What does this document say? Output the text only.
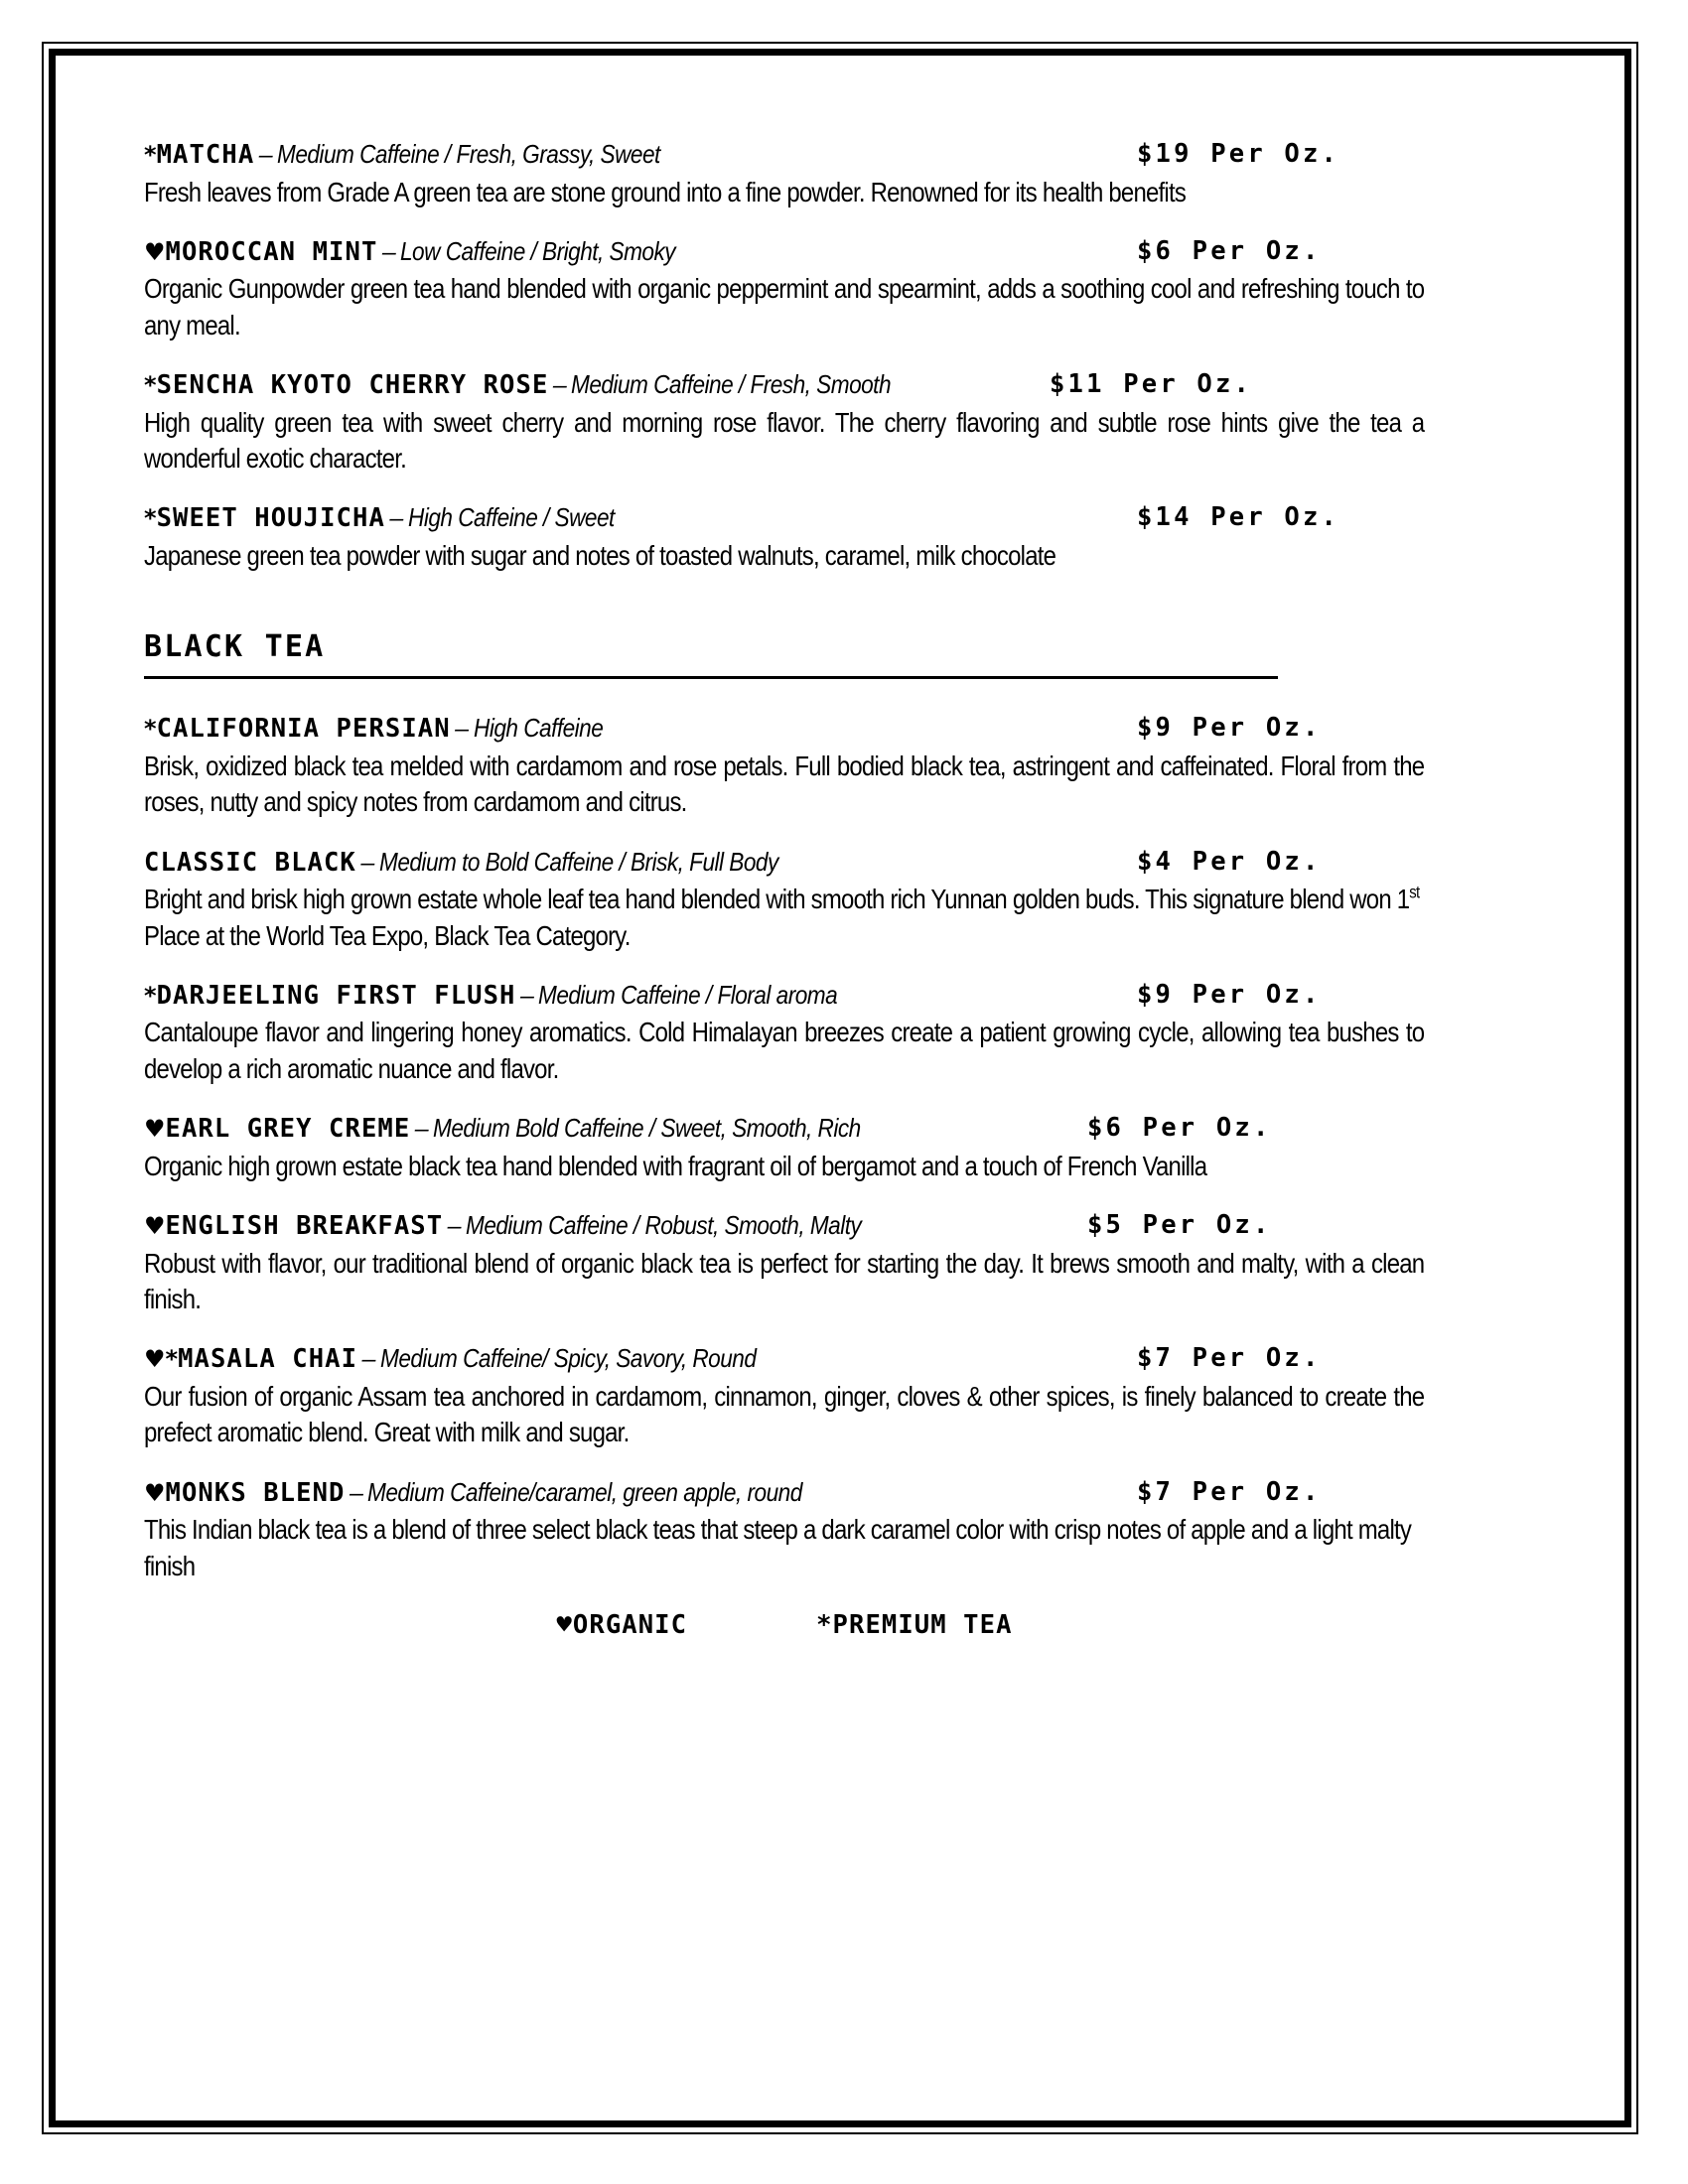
*MATCHA – Medium Caffeine / Fresh, Grassy, Sweet	$19 Per Oz.
Fresh leaves from Grade A green tea are stone ground into a fine powder. Renowned for its health benefits
♥MOROCCAN MINT – Low Caffeine / Bright, Smoky	$6 Per Oz.
Organic Gunpowder green tea hand blended with organic peppermint and spearmint, adds a soothing cool and refreshing touch to any meal.
*SENCHA KYOTO CHERRY ROSE – Medium Caffeine / Fresh, Smooth	$11 Per Oz.
High quality green tea with sweet cherry and morning rose flavor. The cherry flavoring and subtle rose hints give the tea a wonderful exotic character.
*SWEET HOUJICHA – High Caffeine / Sweet	$14 Per Oz.
Japanese green tea powder with sugar and notes of toasted walnuts, caramel, milk chocolate
BLACK TEA
*CALIFORNIA PERSIAN – High Caffeine	$9 Per Oz.
Brisk, oxidized black tea melded with cardamom and rose petals. Full bodied black tea, astringent and caffeinated. Floral from the roses, nutty and spicy notes from cardamom and citrus.
CLASSIC BLACK – Medium to Bold Caffeine / Brisk, Full Body	$4 Per Oz.
Bright and brisk high grown estate whole leaf tea hand blended with smooth rich Yunnan golden buds. This signature blend won 1st Place at the World Tea Expo, Black Tea Category.
*DARJEELING FIRST FLUSH – Medium Caffeine / Floral aroma	$9 Per Oz.
Cantaloupe flavor and lingering honey aromatics. Cold Himalayan breezes create a patient growing cycle, allowing tea bushes to develop a rich aromatic nuance and flavor.
♥EARL GREY CREME – Medium Bold Caffeine / Sweet, Smooth, Rich	$6 Per Oz.
Organic high grown estate black tea hand blended with fragrant oil of bergamot and a touch of French Vanilla
♥ENGLISH BREAKFAST – Medium Caffeine / Robust, Smooth, Malty	$5 Per Oz.
Robust with flavor, our traditional blend of organic black tea is perfect for starting the day. It brews smooth and malty, with a clean finish.
♥*MASALA CHAI – Medium Caffeine/ Spicy, Savory, Round	$7 Per Oz.
Our fusion of organic Assam tea anchored in cardamom, cinnamon, ginger, cloves & other spices, is finely balanced to create the prefect aromatic blend. Great with milk and sugar.
♥MONKS BLEND – Medium Caffeine/caramel, green apple, round	$7 Per Oz.
This Indian black tea is a blend of three select black teas that steep a dark caramel color with crisp notes of apple and a light malty finish
♥ORGANIC	*PREMIUM TEA
